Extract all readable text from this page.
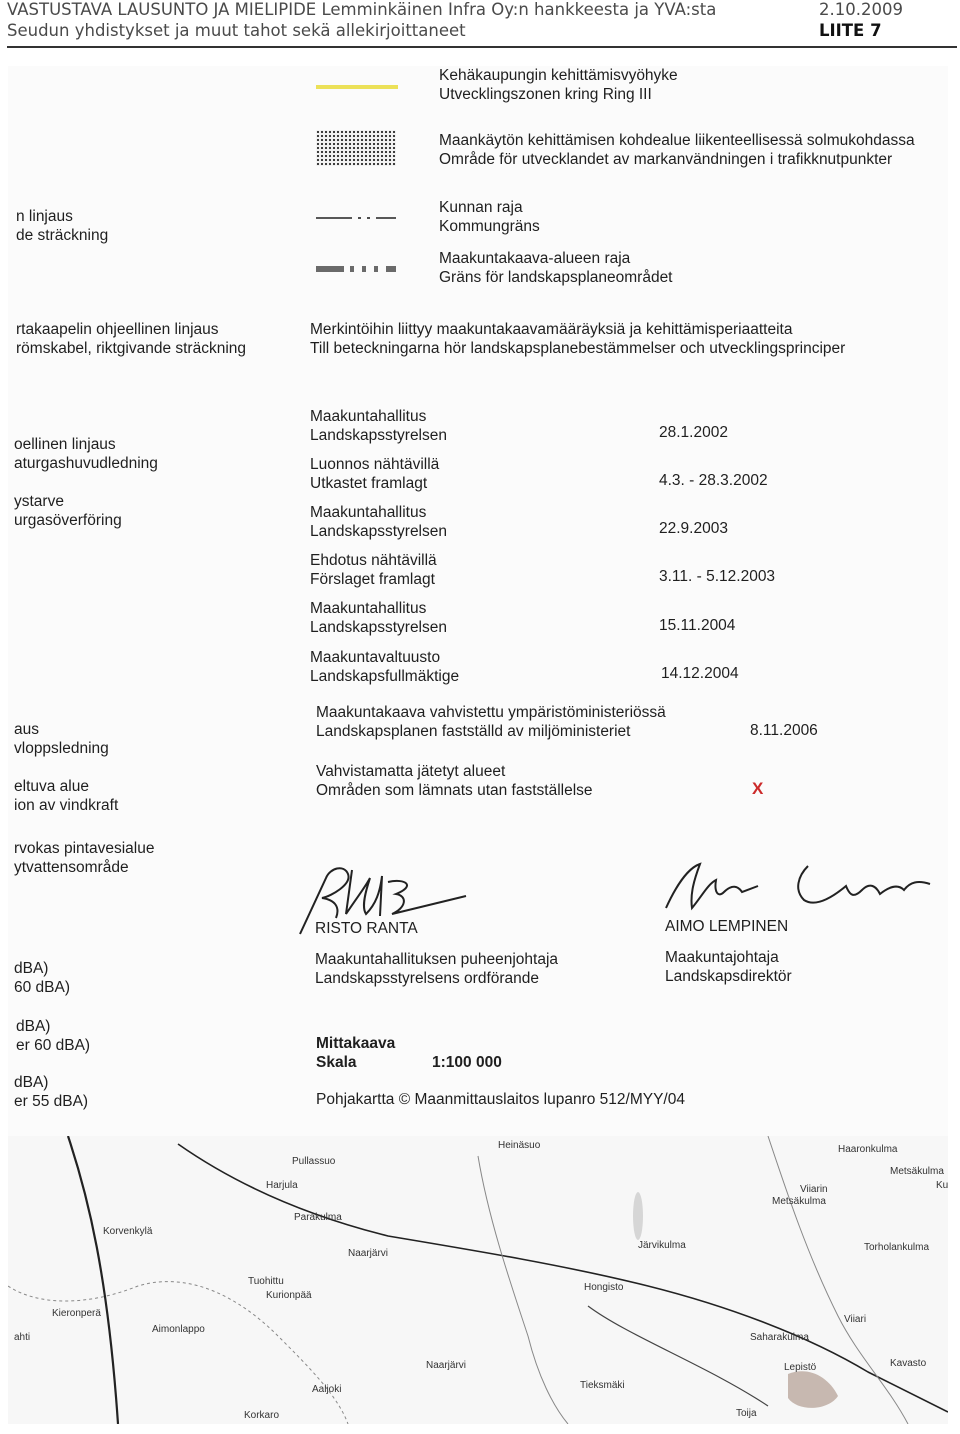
VASTUSTAVA LAUSUNTO JA MIELIPIDE Lemminkäinen Infra Oy:n hankkeesta ja YVA:sta
Seudun yhdistykset ja muut tahot sekä allekirjoittaneet
2.10.2009
LIITE 7
n linjaus
de sträckning
rtakaapelin ohjeellinen linjaus
römskabel, riktgivande sträckning
oellinen linjaus
aturgashuvudledning
ystarve
urgasöverföring
aus
vloppsledning
eltuva alue
ion av vindkraft
rvokas pintavesialue
ytvattensområde
dBA)
60 dBA)
dBA)
er 60 dBA)
dBA)
er 55 dBA)
Kehäkaupungin kehittämisvyöhyke
Utvecklingszonen kring Ring III
Maankäytön kehittämisen kohdealue liikenteellisessä solmukohdassa
Område för utvecklandet av markanvändningen i trafikknutpunkter
Kunnan raja
Kommungräns
Maakuntakaava-alueen raja
Gräns för landskapsplaneområdet
Merkintöihin liittyy maakuntakaavamääräyksiä ja kehittämisperiaatteita
Till beteckningarna hör landskapsplanebestämmelser och utvecklingsprinciper
Maakuntahallitus
Landskapsstyrelsen	28.1.2002
Luonnos nähtävillä
Utkastet framlagt	4.3. - 28.3.2002
Maakuntahallitus
Landskapsstyrelsen	22.9.2003
Ehdotus nähtävillä
Förslaget framlagt	3.11. - 5.12.2003
Maakuntahallitus
Landskapsstyrelsen	15.11.2004
Maakuntavaltuusto
Landskapsfullmäktige	14.12.2004
Maakuntakaava vahvistettu ympäristöministeriössä
Landskapsplanen fastställd av miljöministeriet	8.11.2006
Vahvistamatta jätetyt alueet
Områden som lämnats utan fastställelse	X
RISTO RANTA
Maakuntahallituksen puheenjohtaja
Landskapsstyrelsens ordförande
AIMO LEMPINEN
Maakuntajohtaja
Landskapsdirektör
Mittakaava
Skala	1:100 000
Pohjakartta © Maanmittauslaitos lupanro 512/MYY/04
Heinäsuo	Haaronkulma
Metsäkulma
Ku
Pullassuo
Harjula	Viiarin
Metsäkulma
Parakulma
Korvenkylä
Naarjärvi
Järvikulma	Torholankulma
Tuohittu
Kurionpää
Hongisto
Kieronperä
Aimonlappo
Viiari
ahti	Saharakulma
Naarjärvi	Lepistö	Kavasto
Aaljoki	Tieksmäki
Korkaro	Toija
